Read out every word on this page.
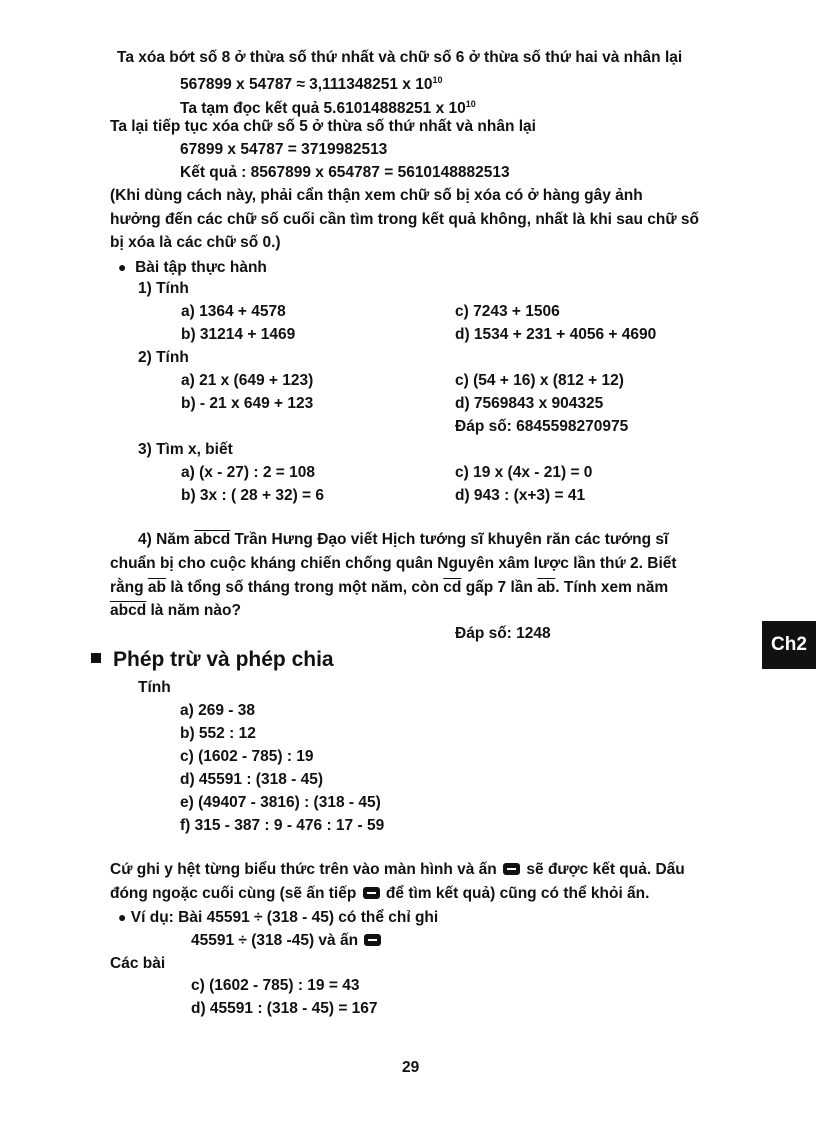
Ta xóa bớt số 8 ở thừa số thứ nhất và chữ số 6 ở thừa số thứ hai và nhân lại
567899 x 54787 ≈ 3,111348251 x $10^{10}$
Ta tạm đọc kết quả 5.61014888251 x $10^{10}$
Ta lại tiếp tục xóa chữ số 5 ở thừa số thứ nhất và nhân lại
67899 x 54787 = 3719982513
Kết quả : 8567899 x 654787 = 5610148882513
(Khi dùng cách này, phải cẩn thận xem chữ số bị xóa có ở hàng gây ảnh
hưởng đến các chữ số cuối cần tìm trong kết quả không, nhất là khi sau chữ số
bị xóa là các chữ số 0.)
● Bài tập thực hành
1) Tính
a) 1364 + 4578	c) 7243 + 1506
b) 31214 + 1469	d) 1534 + 231 + 4056 + 4690
2) Tính
a) 21 x (649 + 123)	c) (54 + 16) x (812 + 12)
b) - 21 x 649 + 123	d) 7569843 x 904325
Đáp số: 6845598270975
3) Tìm x, biết
a) (x - 27) : 2 = 108	c) 19 x (4x - 21) = 0
b) 3x : ( 28 + 32) = 6	d) 943 : (x+3) = 41
4) Năm abcd Trần Hưng Đạo viết Hịch tướng sĩ khuyên răn các tướng sĩ
chuẩn bị cho cuộc kháng chiến chống quân Nguyên xâm lược lần thứ 2. Biết
rằng $\overline{ab}$ là tổng số tháng trong một năm, còn $\overline{cd}$ gấp 7 lần $\overline{ab}$. Tính xem năm
abcd là năm nào?
Đáp số: 1248
Ch2
Phép trừ và phép chia
Tính
a) 269 - 38
b) 552 : 12
c) (1602 - 785) : 19
d) 45591 : (318 - 45)
e) (49407 - 3816) : (318 - 45)
f) 315 - 387 : 9 - 476 : 17 - 59
Cứ ghi y hệt từng biểu thức trên vào màn hình và ấn sẽ được kết quả. Dấu
đóng ngoặc cuối cùng (sẽ ấn tiếp để tìm kết quả) cũng có thể khỏi ấn.
● Ví dụ: Bài 45591 ÷ (318 - 45) có thể chỉ ghi
45591 ÷ (318 -45) và ấn
Các bài
c) (1602 - 785) : 19 = 43
d) 45591 : (318 - 45) = 167
29
